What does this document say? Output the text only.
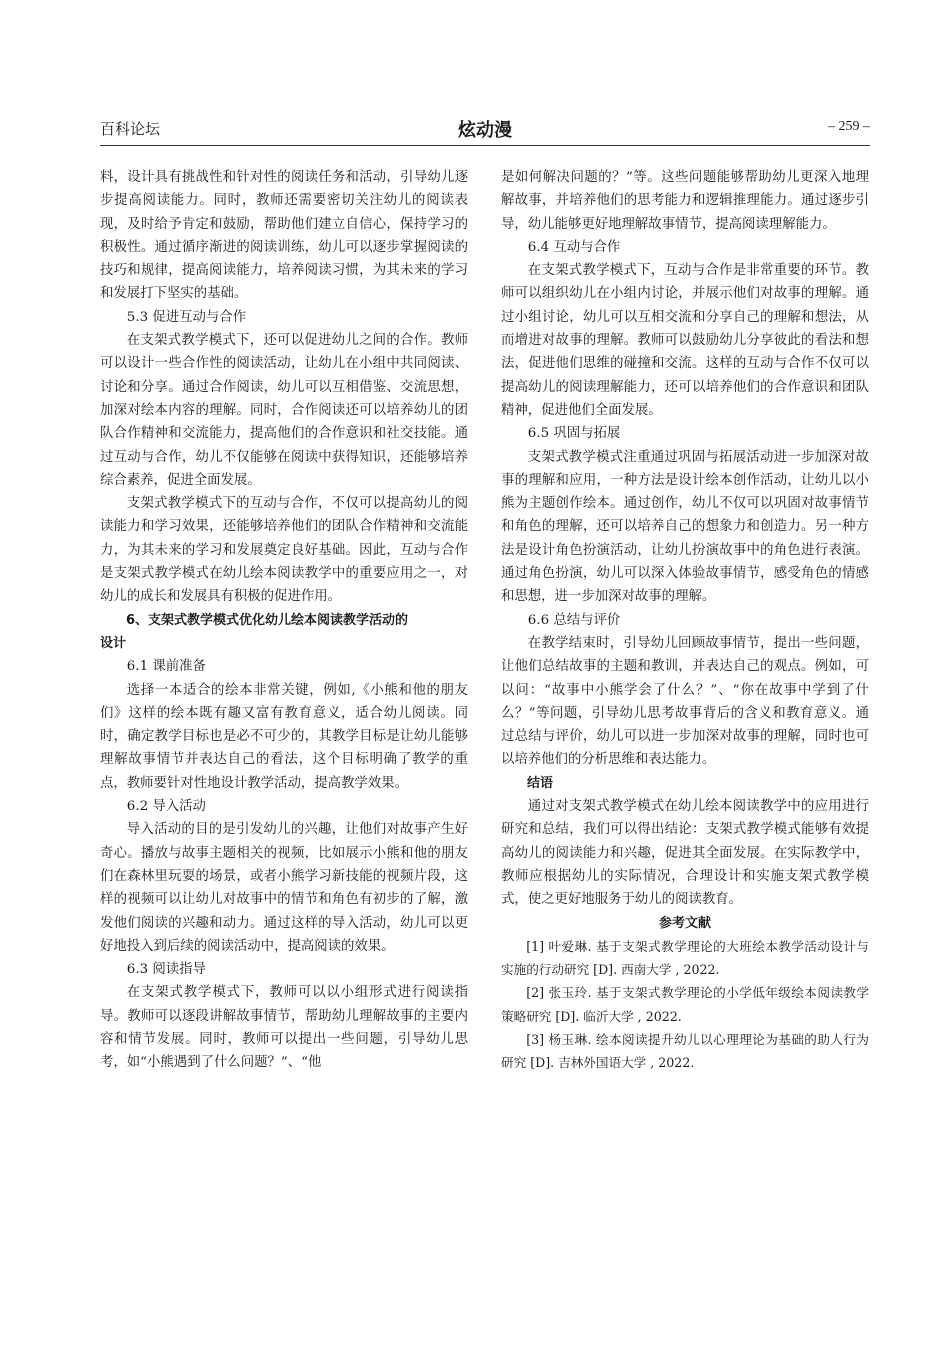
百科论坛	炫动漫	– 259 –

料，设计具有挑战性和针对性的阅读任务和活动，引导幼儿逐步提高阅读能力。同时，教师还需要密切关注幼儿的阅读表现，及时给予肯定和鼓励，帮助他们建立自信心，保持学习的积极性。通过循序渐进的阅读训练，幼儿可以逐步掌握阅读的技巧和规律，提高阅读能力，培养阅读习惯，为其未来的学习和发展打下坚实的基础。

5.3 促进互动与合作

在支架式教学模式下，还可以促进幼儿之间的合作。教师可以设计一些合作性的阅读活动，让幼儿在小组中共同阅读、讨论和分享。通过合作阅读，幼儿可以互相借鉴、交流思想，加深对绘本内容的理解。同时，合作阅读还可以培养幼儿的团队合作精神和交流能力，提高他们的合作意识和社交技能。通过互动与合作，幼儿不仅能够在阅读中获得知识，还能够培养综合素养，促进全面发展。

支架式教学模式下的互动与合作，不仅可以提高幼儿的阅读能力和学习效果，还能够培养他们的团队合作精神和交流能力，为其未来的学习和发展奠定良好基础。因此，互动与合作是支架式教学模式在幼儿绘本阅读教学中的重要应用之一，对幼儿的成长和发展具有积极的促进作用。

6、支架式教学模式优化幼儿绘本阅读教学活动的
设计

6.1 课前准备

选择一本适合的绘本非常关键，例如,《小熊和他的朋友们》这样的绘本既有趣又富有教育意义，适合幼儿阅读。同时，确定教学目标也是必不可少的，其教学目标是让幼儿能够理解故事情节并表达自己的看法，这个目标明确了教学的重点，教师要针对性地设计教学活动，提高教学效果。

6.2 导入活动

导入活动的目的是引发幼儿的兴趣，让他们对故事产生好奇心。播放与故事主题相关的视频，比如展示小熊和他的朋友们在森林里玩耍的场景，或者小熊学习新技能的视频片段，这样的视频可以让幼儿对故事中的情节和角色有初步的了解，激发他们阅读的兴趣和动力。通过这样的导入活动，幼儿可以更好地投入到后续的阅读活动中，提高阅读的效果。

6.3 阅读指导

在支架式教学模式下，教师可以以小组形式进行阅读指导。教师可以逐段讲解故事情节，帮助幼儿理解故事的主要内容和情节发展。同时，教师可以提出一些问题，引导幼儿思考，如“小熊遇到了什么问题？”、“他

是如何解决问题的？”等。这些问题能够帮助幼儿更深入地理解故事，并培养他们的思考能力和逻辑推理能力。通过逐步引导，幼儿能够更好地理解故事情节，提高阅读理解能力。

6.4 互动与合作

在支架式教学模式下，互动与合作是非常重要的环节。教师可以组织幼儿在小组内讨论，并展示他们对故事的理解。通过小组讨论，幼儿可以互相交流和分享自己的理解和想法，从而增进对故事的理解。教师可以鼓励幼儿分享彼此的看法和想法，促进他们思维的碰撞和交流。这样的互动与合作不仅可以提高幼儿的阅读理解能力，还可以培养他们的合作意识和团队精神，促进他们全面发展。

6.5 巩固与拓展

支架式教学模式注重通过巩固与拓展活动进一步加深对故事的理解和应用，一种方法是设计绘本创作活动，让幼儿以小熊为主题创作绘本。通过创作，幼儿不仅可以巩固对故事情节和角色的理解，还可以培养自己的想象力和创造力。另一种方法是设计角色扮演活动，让幼儿扮演故事中的角色进行表演。通过角色扮演，幼儿可以深入体验故事情节，感受角色的情感和思想，进一步加深对故事的理解。

6.6 总结与评价

在教学结束时，引导幼儿回顾故事情节，提出一些问题，让他们总结故事的主题和教训，并表达自己的观点。例如，可以问：“故事中小熊学会了什么？”、“你在故事中学到了什么？”等问题，引导幼儿思考故事背后的含义和教育意义。通过总结与评价，幼儿可以进一步加深对故事的理解，同时也可以培养他们的分析思维和表达能力。

结语

通过对支架式教学模式在幼儿绘本阅读教学中的应用进行研究和总结，我们可以得出结论：支架式教学模式能够有效提高幼儿的阅读能力和兴趣，促进其全面发展。在实际教学中，教师应根据幼儿的实际情况，合理设计和实施支架式教学模式，使之更好地服务于幼儿的阅读教育。

参考文献

[1] 叶爱琳. 基于支架式教学理论的大班绘本教学活动设计与实施的行动研究 [D]. 西南大学 , 2022.

[2] 张玉玲. 基于支架式教学理论的小学低年级绘本阅读教学策略研究 [D]. 临沂大学 , 2022.

[3] 杨玉琳. 绘本阅读提升幼儿以心理理论为基础的助人行为研究 [D]. 吉林外国语大学 , 2022.
